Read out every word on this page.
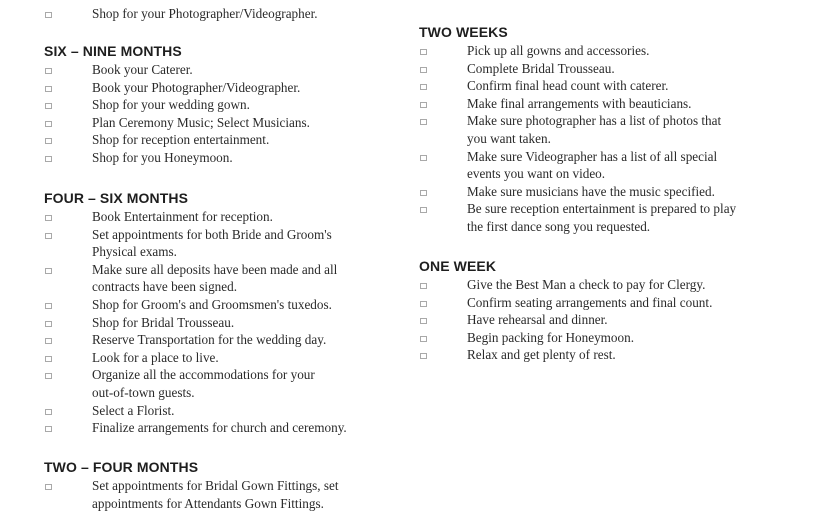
Shop for your Photographer/Videographer.
SIX – NINE MONTHS
Book your Caterer.
Book your Photographer/Videographer.
Shop for your wedding gown.
Plan Ceremony Music; Select Musicians.
Shop for reception entertainment.
Shop for you Honeymoon.
FOUR – SIX MONTHS
Book Entertainment for reception.
Set appointments for both Bride and Groom's
Physical exams.
Make sure all deposits have been made and all
contracts have been signed.
Shop for Groom's and Groomsmen's tuxedos.
Shop for Bridal Trousseau.
Reserve Transportation for the wedding day.
Look for a place to live.
Organize all the accommodations for your
out-of-town guests.
Select a Florist.
Finalize arrangements for church and ceremony.
TWO – FOUR MONTHS
Set appointments for Bridal Gown Fittings, set
appointments for Attendants Gown Fittings.
TWO WEEKS
Pick up all gowns and accessories.
Complete Bridal Trousseau.
Confirm final head count with caterer.
Make final arrangements with beauticians.
Make sure photographer has a list of photos that
you want taken.
Make sure Videographer has a list of all special
events you want on video.
Make sure musicians have the music specified.
Be sure reception entertainment is prepared to play
the first dance song you requested.
ONE WEEK
Give the Best Man a check to pay for Clergy.
Confirm seating arrangements and final count.
Have rehearsal and dinner.
Begin packing for Honeymoon.
Relax and get plenty of rest.
